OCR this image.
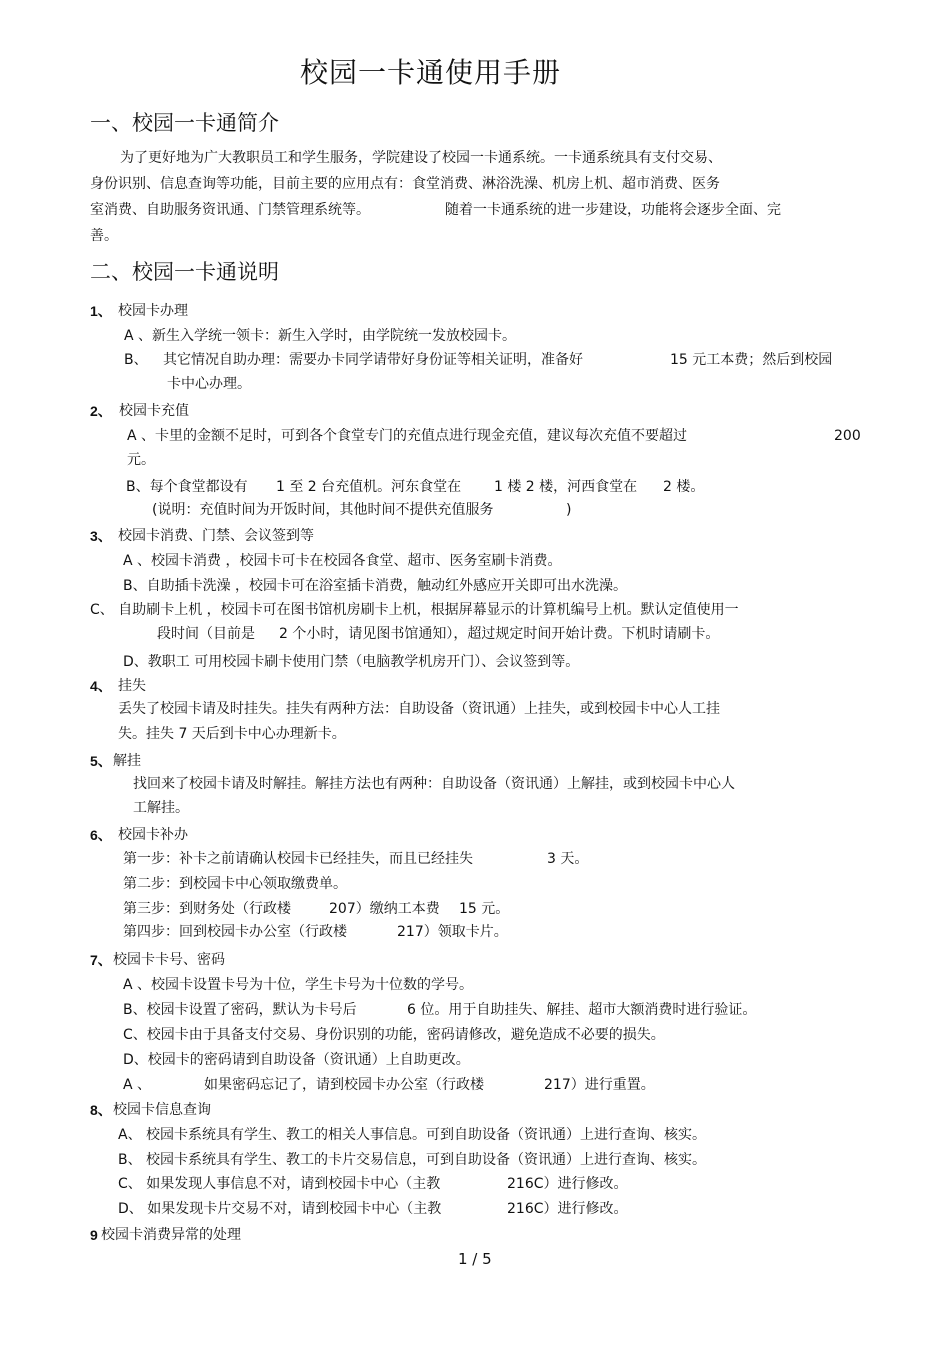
校园一卡通使用手册
一、校园一卡通简介
为了更好地为广大教职员工和学生服务，学院建设了校园一卡通系统。一卡通系统具有支付交易、
身份识别、信息查询等功能，目前主要的应用点有：食堂消费、淋浴洗澡、机房上机、超市消费、医务
室消费、自助服务资讯通、门禁管理系统等。	随着一卡通系统的进一步建设，功能将会逐步全面、完
善。
二、校园一卡通说明
1、 校园卡办理
A 、新生入学统一领卡：新生入学时，由学院统一发放校园卡。
B、 其它情况自助办理：需要办卡同学请带好身份证等相关证明，准备好	15 元工本费；然后到校园
卡中心办理。
2、 校园卡充值
A 、卡里的金额不足时，可到各个食堂专门的充值点进行现金充值，建议每次充值不要超过	200
元。
B、每个食堂都设有 1 至 2 台充值机。河东食堂在 1 楼 2 楼，河西食堂在 2 楼。
(说明：充值时间为开饭时间，其他时间不提供充值服务	)
3、 校园卡消费、门禁、会议签到等
A 、校园卡消费 ，校园卡可卡在校园各食堂、超市、医务室刷卡消费。
B、自助插卡洗澡 ，校园卡可在浴室插卡消费，触动红外感应开关即可出水洗澡。
C、 自助刷卡上机 ，校园卡可在图书馆机房刷卡上机，根据屏幕显示的计算机编号上机。默认定值使用一
段时间（目前是 2 个小时，请见图书馆通知），超过规定时间开始计费。下机时请刷卡。
D、教职工 可用校园卡刷卡使用门禁（电脑教学机房开门）、会议签到等。
4、 挂失
丢失了校园卡请及时挂失。挂失有两种方法：自助设备（资讯通）上挂失，或到校园卡中心人工挂
失。挂失 7 天后到卡中心办理新卡。
5、 解挂
找回来了校园卡请及时解挂。解挂方法也有两种：自助设备（资讯通）上解挂，或到校园卡中心人
工解挂。
6、 校园卡补办
第一步：补卡之前请确认校园卡已经挂失，而且已经挂失	3 天。
第二步：到校园卡中心领取缴费单。
第三步：到财务处（行政楼	207）缴纳工本费 15 元。
第四步：回到校园卡办公室（行政楼	217）领取卡片。
7、 校园卡卡号、密码
A 、校园卡设置卡号为十位，学生卡号为十位数的学号。
B、校园卡设置了密码，默认为卡号后	6 位。用于自助挂失、解挂、超市大额消费时进行验证。
C、校园卡由于具备支付交易、身份识别的功能，密码请修改，避免造成不必要的损失。
D、校园卡的密码请到自助设备（资讯通）上自助更改。
A 、	如果密码忘记了，请到校园卡办公室（行政楼	217）进行重置。
8、 校园卡信息查询
A、 校园卡系统具有学生、教工的相关人事信息。可到自助设备（资讯通）上进行查询、核实。
B、 校园卡系统具有学生、教工的卡片交易信息，可到自助设备（资讯通）上进行查询、核实。
C、 如果发现人事信息不对，请到校园卡中心（主教	216C）进行修改。
D、 如果发现卡片交易不对，请到校园卡中心（主教	216C）进行修改。
9 校园卡消费异常的处理
1 / 5
